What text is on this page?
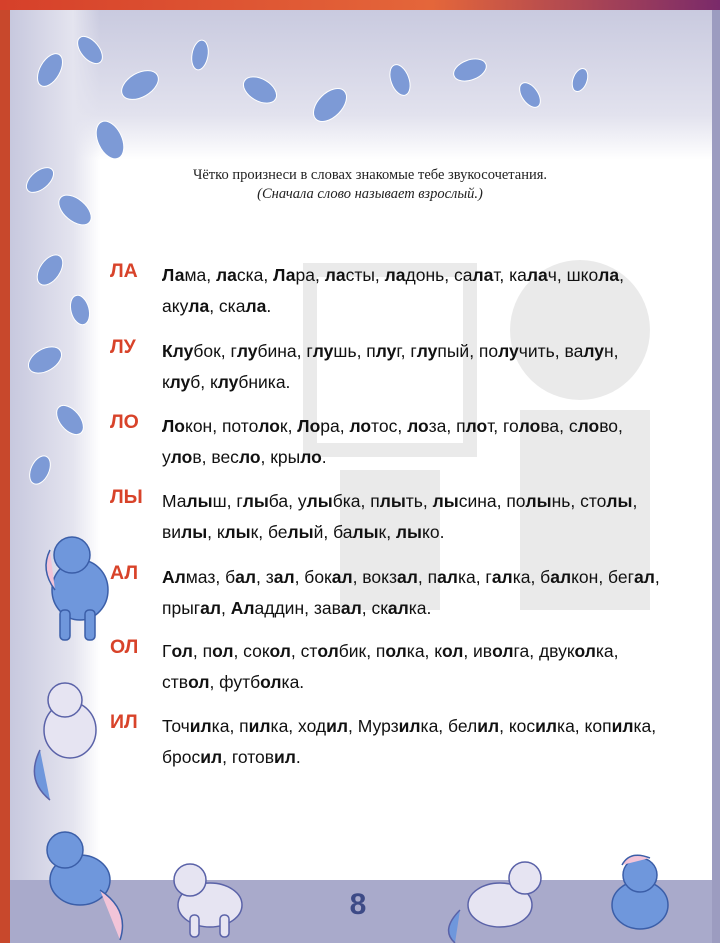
Чётко произнеси в словах знакомые тебе звукосочетания.
(Сначала слово называет взрослый.)
ЛА Лама, ласка, Лара, ласты, ладонь, салат, калач, школа, акула, скала.
ЛУ Клубок, глубина, глушь, плуг, глупый, получить, валун, клуб, клубника.
ЛО Локон, потолок, Лора, лотос, лоза, плот, голова, слово, улов, весло, крыло.
ЛЫ Малыш, глыба, улыбка, плыть, лысина, полынь, столы, вилы, клык, белый, балык, лыко.
АЛ Алмаз, бал, зал, бокал, вокзал, палка, галка, балкон, бегал, прыгал, Аладдин, завал, скалка.
ОЛ Гол, пол, сокол, столбик, полка, кол, иволга, двуколка, ствол, футболка.
ИЛ Точилка, пилка, ходил, Мурзилка, белил, косилка, копилка, бросил, готовил.
8
